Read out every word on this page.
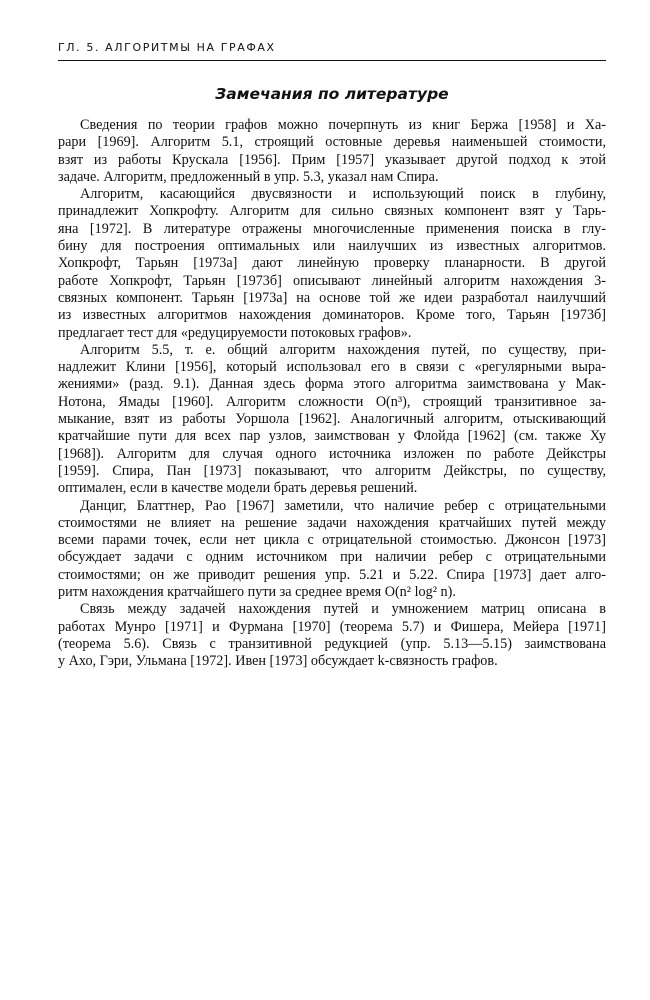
ГЛ. 5. АЛГОРИТМЫ НА ГРАФАХ
Замечания по литературе
Сведения по теории графов можно почерпнуть из книг Бержа [1958] и Ха-
рари [1969]. Алгоритм 5.1, строящий остовные деревья наименьшей стоимости,
взят из работы Крускала [1956]. Прим [1957] указывает другой подход к этой
задаче. Алгоритм, предложенный в упр. 5.3, указал нам Спира.
Алгоритм, касающийся двусвязности и использующий поиск в глубину,
принадлежит Хопкрофту. Алгоритм для сильно связных компонент взят у Тарь-
яна [1972]. В литературе отражены многочисленные применения поиска в глу-
бину для построения оптимальных или наилучших из известных алгоритмов.
Хопкрофт, Тарьян [1973а] дают линейную проверку планарности. В другой
работе Хопкрофт, Тарьян [1973б] описывают линейный алгоритм нахождения 3-
связных компонент. Тарьян [1973а] на основе той же идеи разработал наилучший
из известных алгоритмов нахождения доминаторов. Кроме того, Тарьян [1973б]
предлагает тест для «редуцируемости потоковых графов».
Алгоритм 5.5, т. е. общий алгоритм нахождения путей, по существу, при-
надлежит Клини [1956], который использовал его в связи с «регулярными выра-
жениями» (разд. 9.1). Данная здесь форма этого алгоритма заимствована у Мак-
Нотона, Ямады [1960]. Алгоритм сложности O(n³), строящий транзитивное за-
мыкание, взят из работы Уоршола [1962]. Аналогичный алгоритм, отыскивающий
кратчайшие пути для всех пар узлов, заимствован у Флойда [1962] (см. также Ху
[1968]). Алгоритм для случая одного источника изложен по работе Дейкстры
[1959]. Спира, Пан [1973] показывают, что алгоритм Дейкстры, по существу,
оптимален, если в качестве модели брать деревья решений.
Данциг, Блаттнер, Рао [1967] заметили, что наличие ребер с отрицательными
стоимостями не влияет на решение задачи нахождения кратчайших путей между
всеми парами точек, если нет цикла с отрицательной стоимостью. Джонсон [1973]
обсуждает задачи с одним источником при наличии ребер с отрицательными
стоимостями; он же приводит решения упр. 5.21 и 5.22. Спира [1973] дает алго-
ритм нахождения кратчайшего пути за среднее время O(n² log² n).
Связь между задачей нахождения путей и умножением матриц описана в
работах Мунро [1971] и Фурмана [1970] (теорема 5.7) и Фишера, Мейера [1971]
(теорема 5.6). Связь с транзитивной редукцией (упр. 5.13—5.15) заимствована
у Ахо, Гэри, Ульмана [1972]. Ивен [1973] обсуждает k-связность графов.
